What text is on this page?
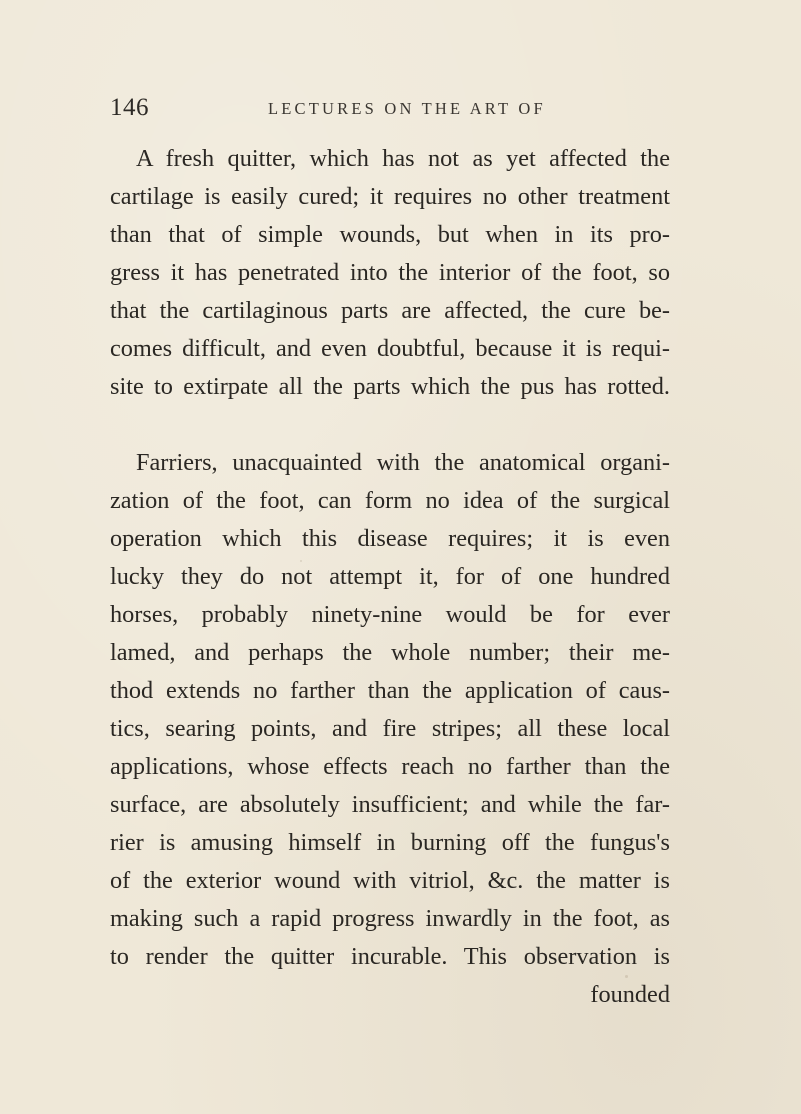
146	LECTURES ON THE ART OF
A fresh quitter, which has not as yet affected the
cartilage is easily cured; it requires no other treatment
than that of simple wounds, but when in its pro-
gress it has penetrated into the interior of the foot, so
that the cartilaginous parts are affected, the cure be-
comes difficult, and even doubtful, because it is requi-
site to extirpate all the parts which the pus has rotted.
Farriers, unacquainted with the anatomical organi-
zation of the foot, can form no idea of the surgical
operation which this disease requires; it is even
lucky they do not attempt it, for of one hundred
horses, probably ninety-nine would be for ever
lamed, and perhaps the whole number; their me-
thod extends no farther than the application of caus-
tics, searing points, and fire stripes; all these local
applications, whose effects reach no farther than the
surface, are absolutely insufficient; and while the far-
rier is amusing himself in burning off the fungus's
of the exterior wound with vitriol, &c. the matter is
making such a rapid progress inwardly in the foot, as
to render the quitter incurable. This observation is
founded
